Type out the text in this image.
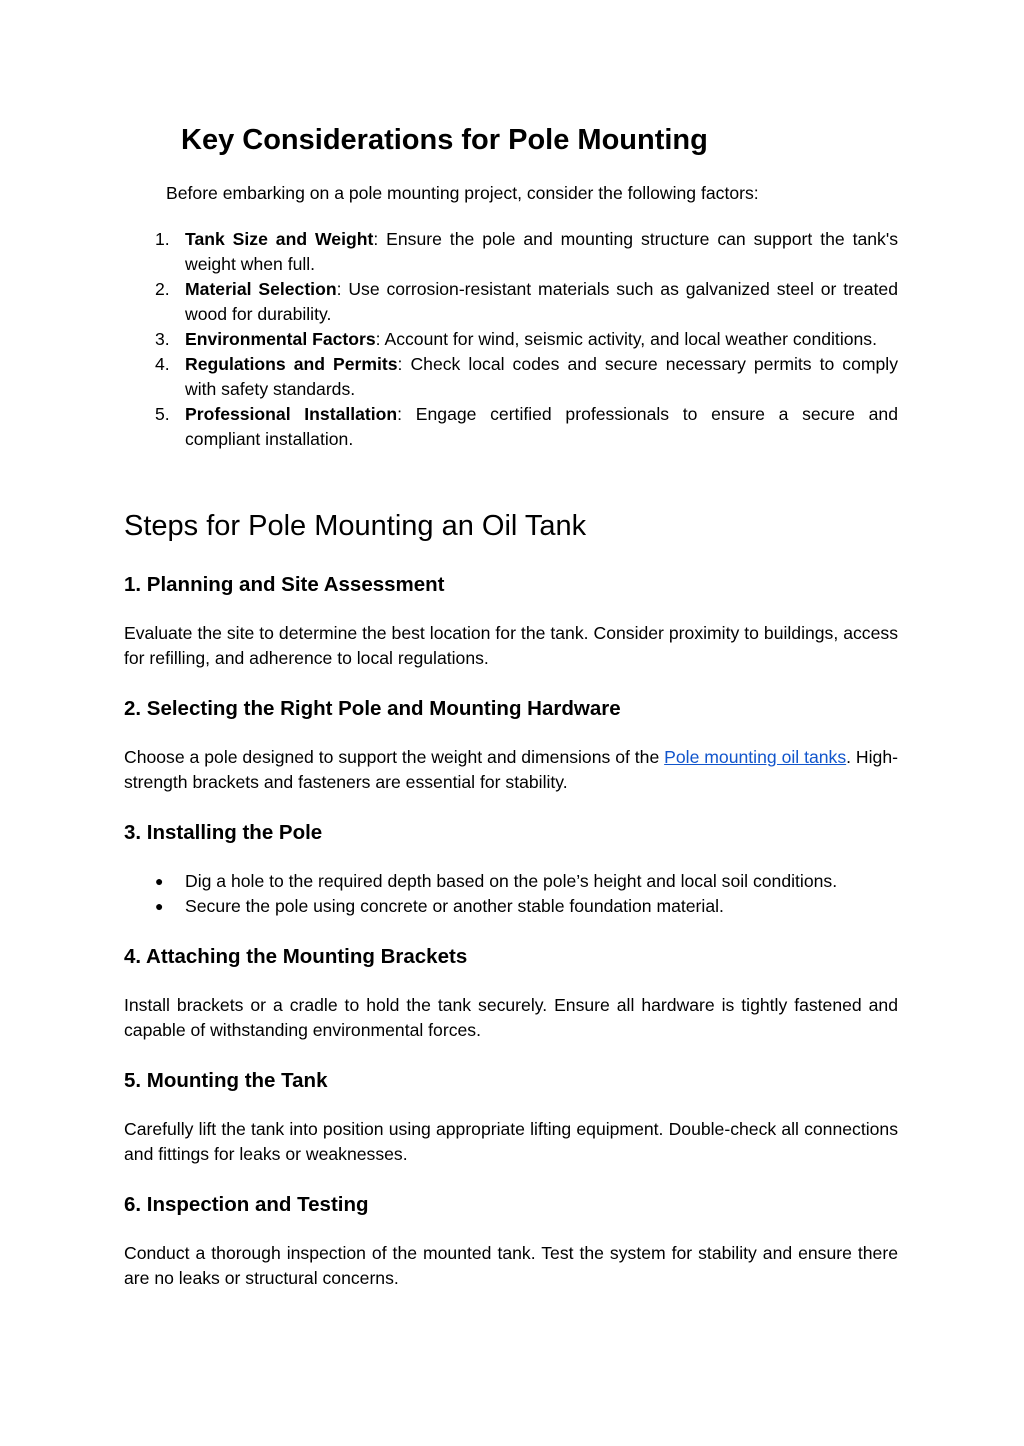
Key Considerations for Pole Mounting

Before embarking on a pole mounting project, consider the following factors:

1. Tank Size and Weight: Ensure the pole and mounting structure can support the tank's weight when full.
2. Material Selection: Use corrosion-resistant materials such as galvanized steel or treated wood for durability.
3. Environmental Factors: Account for wind, seismic activity, and local weather conditions.
4. Regulations and Permits: Check local codes and secure necessary permits to comply with safety standards.
5. Professional Installation: Engage certified professionals to ensure a secure and compliant installation.
Steps for Pole Mounting an Oil Tank
1. Planning and Site Assessment

Evaluate the site to determine the best location for the tank. Consider proximity to buildings, access for refilling, and adherence to local regulations.

2. Selecting the Right Pole and Mounting Hardware

Choose a pole designed to support the weight and dimensions of the Pole mounting oil tanks. High-strength brackets and fasteners are essential for stability.

3. Installing the Pole
● Dig a hole to the required depth based on the pole’s height and local soil conditions.
● Secure the pole using concrete or another stable foundation material.
4. Attaching the Mounting Brackets

Install brackets or a cradle to hold the tank securely. Ensure all hardware is tightly fastened and capable of withstanding environmental forces.

5. Mounting the Tank

Carefully lift the tank into position using appropriate lifting equipment. Double-check all connections and fittings for leaks or weaknesses.

6. Inspection and Testing

Conduct a thorough inspection of the mounted tank. Test the system for stability and ensure there are no leaks or structural concerns.
